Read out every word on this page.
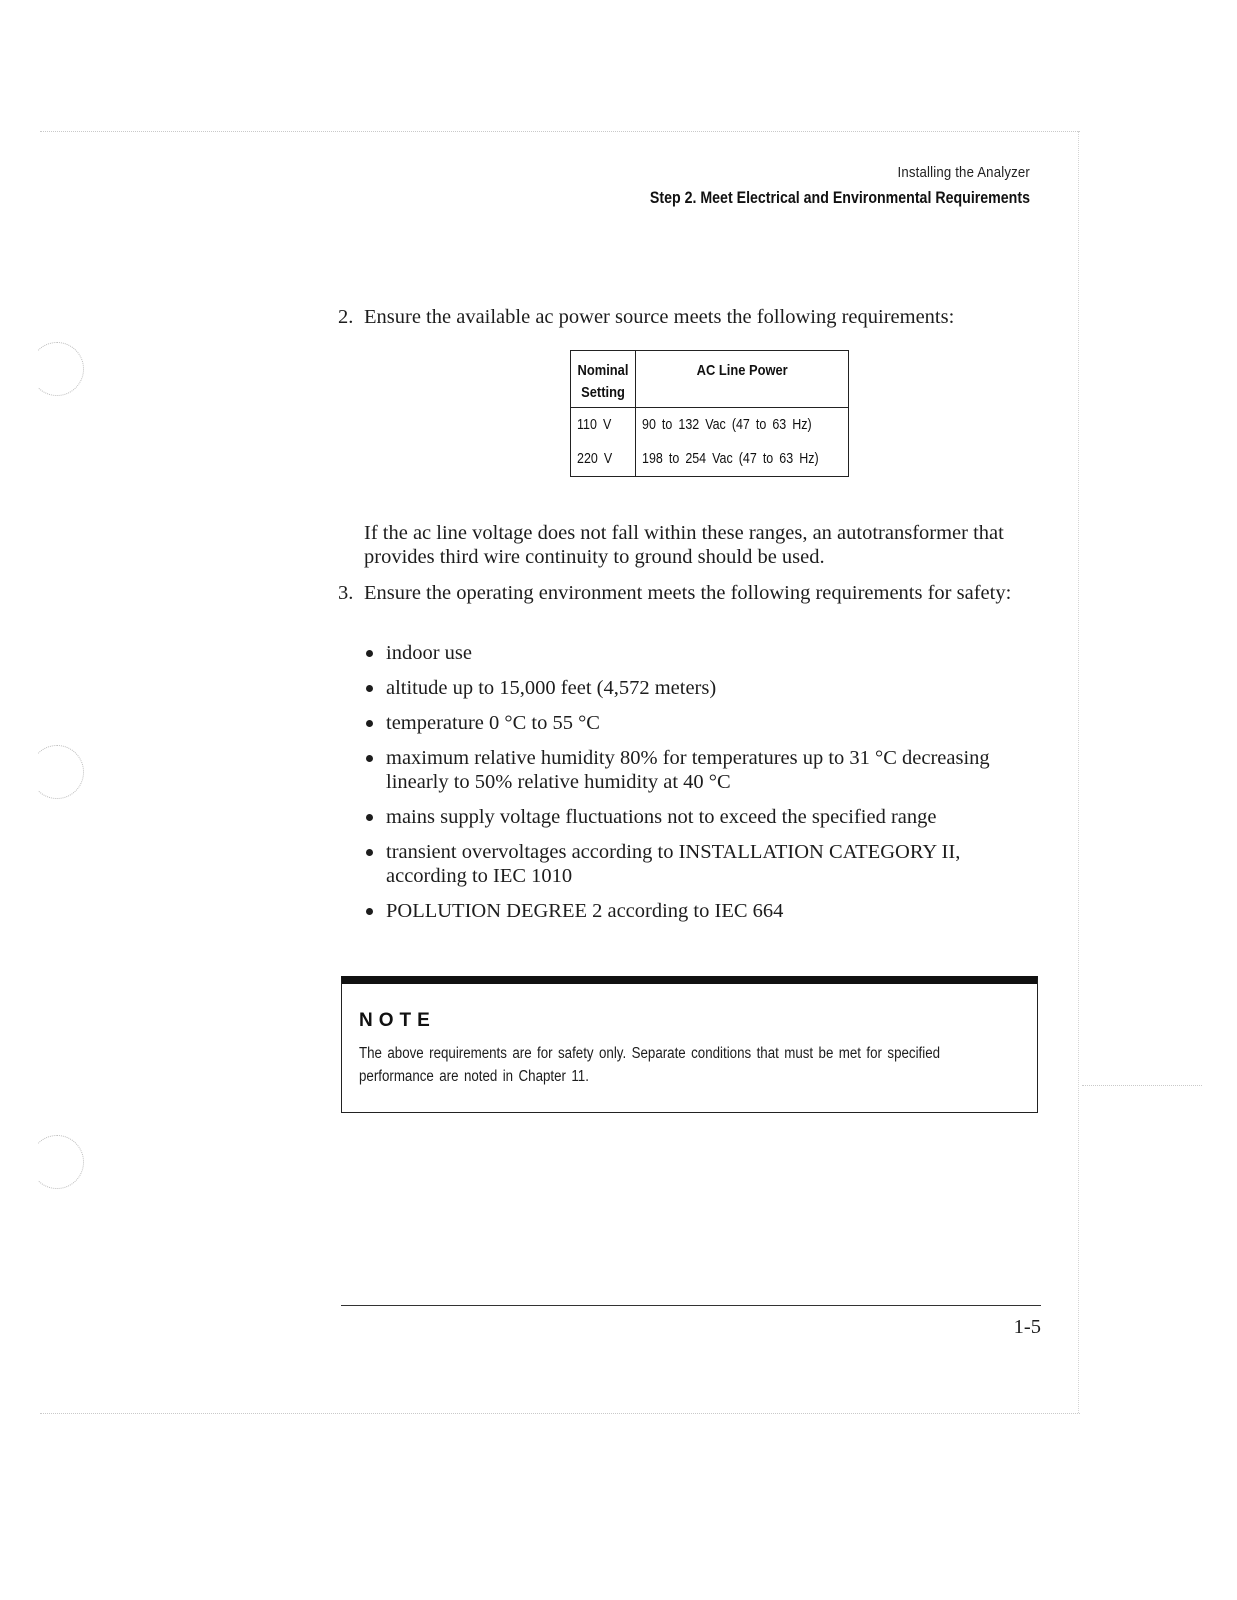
Installing the Analyzer
Step 2. Meet Electrical and Environmental Requirements
2. Ensure the available ac power source meets the following requirements:
Nominal
Setting	AC Line Power

110 V	90 to 132 Vac (47 to 63 Hz)

220 V	198 to 254 Vac (47 to 63 Hz)
If the ac line voltage does not fall within these ranges, an autotransformer that provides third wire continuity to ground should be used.
3. Ensure the operating environment meets the following requirements for safety:
indoor use
altitude up to 15,000 feet (4,572 meters)
temperature 0 °C to 55 °C
maximum relative humidity 80% for temperatures up to 31 °C decreasing linearly to 50% relative humidity at 40 °C
mains supply voltage fluctuations not to exceed the specified range
transient overvoltages according to INSTALLATION CATEGORY II, according to IEC 1010
POLLUTION DEGREE 2 according to IEC 664
NOTE
The above requirements are for safety only. Separate conditions that must be met for specified performance are noted in Chapter 11.
1-5
